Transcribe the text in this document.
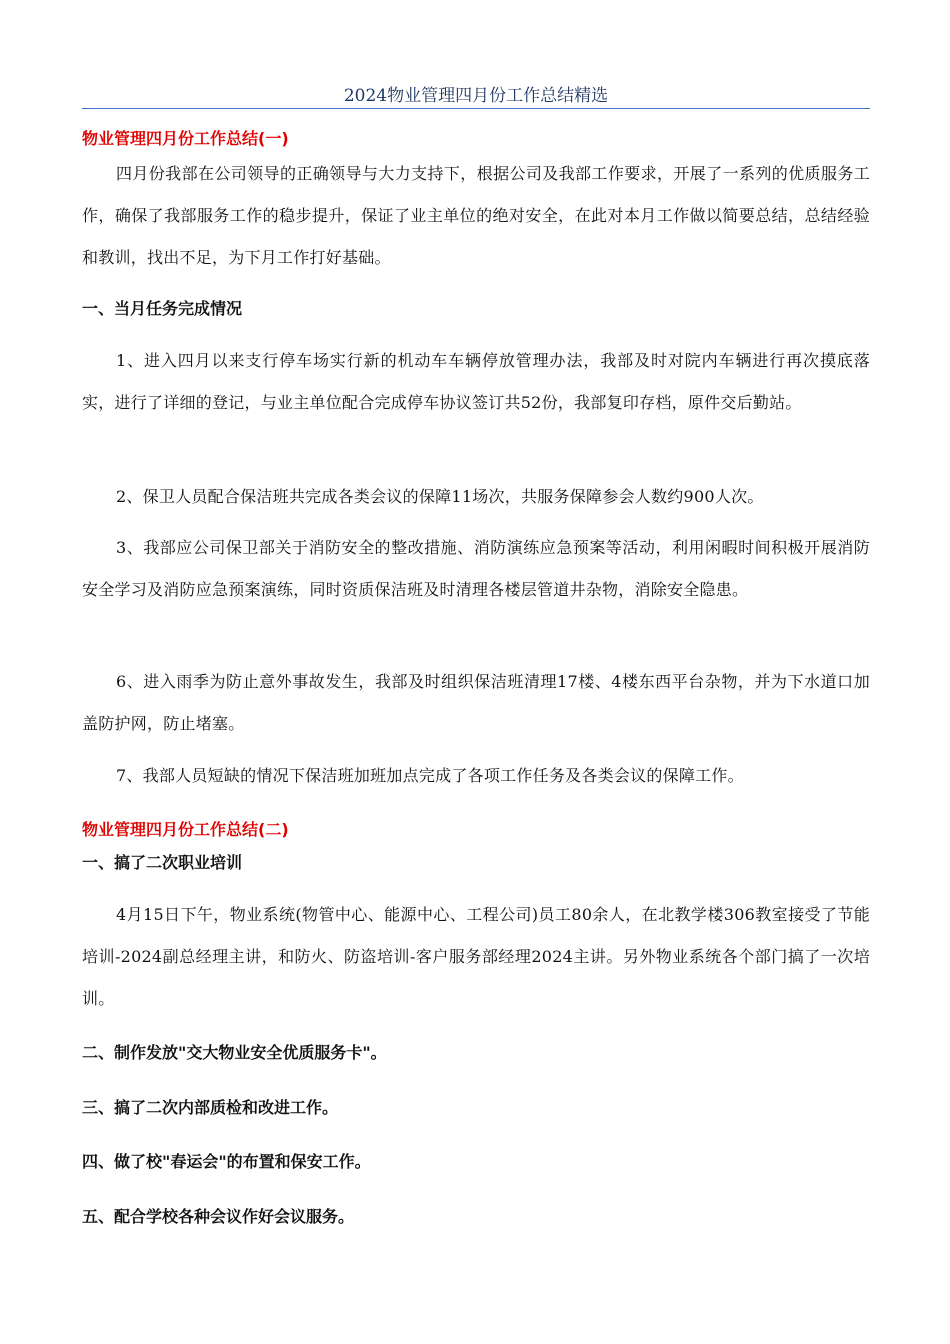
2024物业管理四月份工作总结精选
物业管理四月份工作总结(一)
四月份我部在公司领导的正确领导与大力支持下，根据公司及我部工作要求，开展了一系列的优质服务工作，确保了我部服务工作的稳步提升，保证了业主单位的绝对安全，在此对本月工作做以简要总结，总结经验和教训，找出不足，为下月工作打好基础。
一、当月任务完成情况
1、进入四月以来支行停车场实行新的机动车车辆停放管理办法，我部及时对院内车辆进行再次摸底落实，进行了详细的登记，与业主单位配合完成停车协议签订共52份，我部复印存档，原件交后勤站。
2、保卫人员配合保洁班共完成各类会议的保障11场次，共服务保障参会人数约900人次。
3、我部应公司保卫部关于消防安全的整改措施、消防演练应急预案等活动，利用闲暇时间积极开展消防安全学习及消防应急预案演练，同时资质保洁班及时清理各楼层管道井杂物，消除安全隐患。
6、进入雨季为防止意外事故发生，我部及时组织保洁班清理17楼、4楼东西平台杂物，并为下水道口加盖防护网，防止堵塞。
7、我部人员短缺的情况下保洁班加班加点完成了各项工作任务及各类会议的保障工作。
物业管理四月份工作总结(二)
一、搞了二次职业培训
4月15日下午，物业系统(物管中心、能源中心、工程公司)员工80余人，在北教学楼306教室接受了节能培训-2024副总经理主讲，和防火、防盗培训-客户服务部经理2024主讲。另外物业系统各个部门搞了一次培训。
二、制作发放"交大物业安全优质服务卡"。
三、搞了二次内部质检和改进工作。
四、做了校"春运会"的布置和保安工作。
五、配合学校各种会议作好会议服务。
